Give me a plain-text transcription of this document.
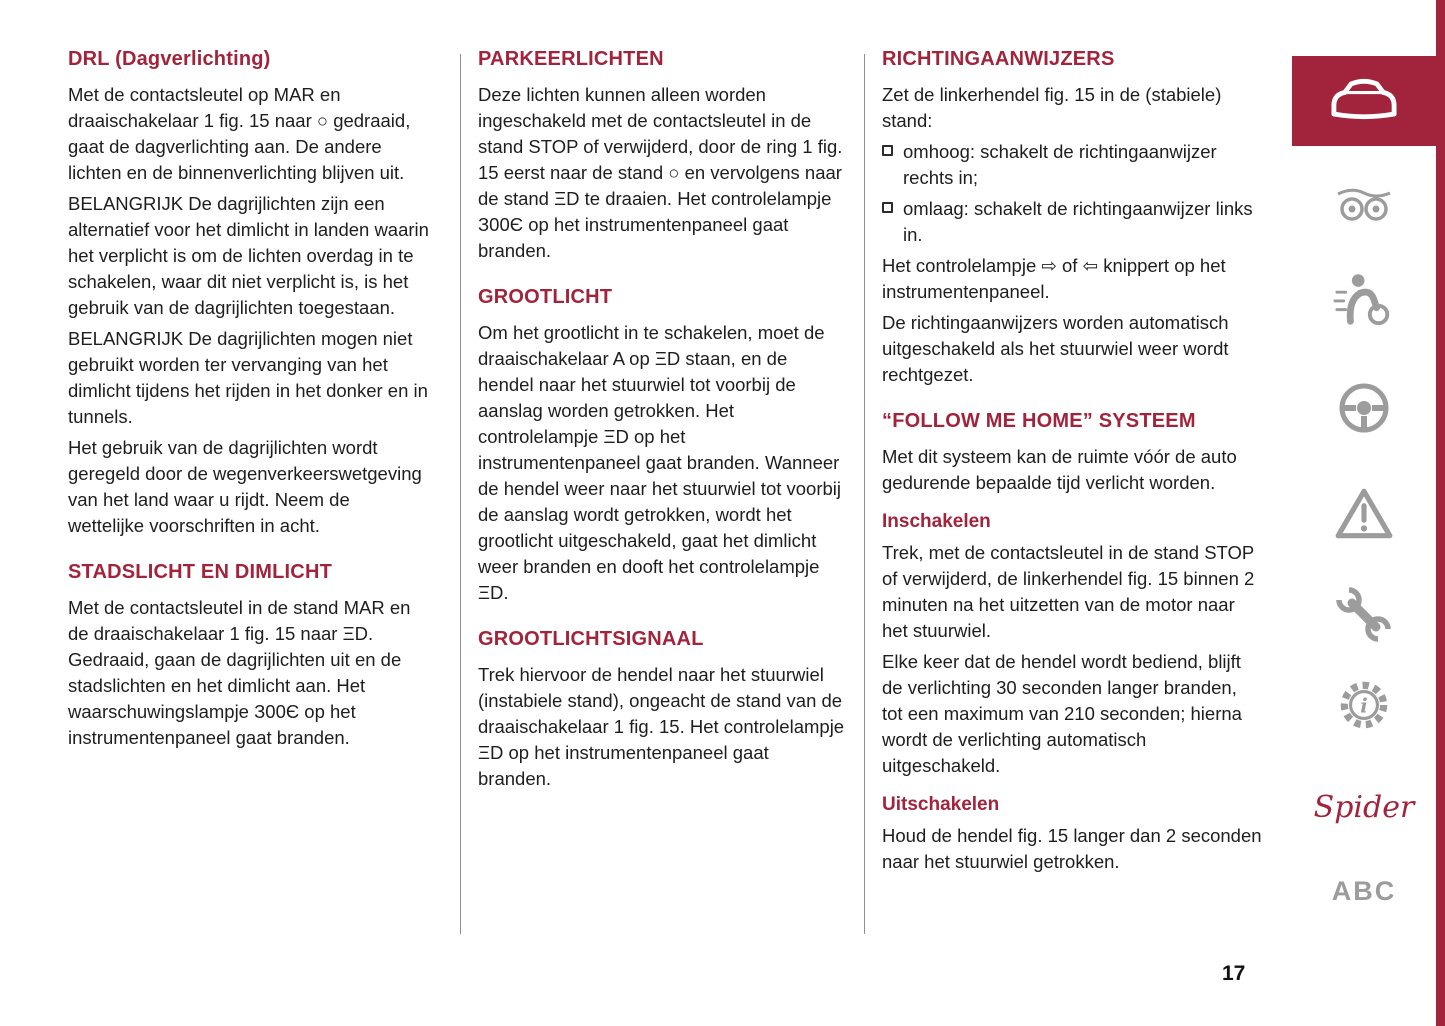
DRL (Dagverlichting)

Met de contactsleutel op MAR en draaischakelaar 1 fig. 15 naar ○ gedraaid, gaat de dagverlichting aan. De andere lichten en de binnenverlichting blijven uit.

BELANGRIJK De dagrijlichten zijn een alternatief voor het dimlicht in landen waarin het verplicht is om de lichten overdag in te schakelen, waar dit niet verplicht is, is het gebruik van de dagrijlichten toegestaan.

BELANGRIJK De dagrijlichten mogen niet gebruikt worden ter vervanging van het dimlicht tijdens het rijden in het donker en in tunnels.

Het gebruik van de dagrijlichten wordt geregeld door de wegenverkeerswetgeving van het land waar u rijdt. Neem de wettelijke voorschriften in acht.

STADSLICHT EN DIMLICHT

Met de contactsleutel in de stand MAR en de draaischakelaar 1 fig. 15 naar ΞD. Gedraaid, gaan de dagrijlichten uit en de stadslichten en het dimlicht aan. Het waarschuwingslampje З00Є op het instrumentenpaneel gaat branden.

PARKEERLICHTEN

Deze lichten kunnen alleen worden ingeschakeld met de contactsleutel in de stand STOP of verwijderd, door de ring 1 fig. 15 eerst naar de stand ○ en vervolgens naar de stand ΞD te draaien. Het controlelampje З00Є op het instrumentenpaneel gaat branden.

GROOTLICHT

Om het grootlicht in te schakelen, moet de draaischakelaar A op ΞD staan, en de hendel naar het stuurwiel tot voorbij de aanslag worden getrokken. Het controlelampje ΞD op het instrumentenpaneel gaat branden. Wanneer de hendel weer naar het stuurwiel tot voorbij de aanslag wordt getrokken, wordt het grootlicht uitgeschakeld, gaat het dimlicht weer branden en dooft het controlelampje ΞD.

GROOTLICHTSIGNAAL

Trek hiervoor de hendel naar het stuurwiel (instabiele stand), ongeacht de stand van de draaischakelaar 1 fig. 15. Het controlelampje ΞD op het instrumentenpaneel gaat branden.

RICHTINGAANWIJZERS

Zet de linkerhendel fig. 15 in de (stabiele) stand:

omhoog: schakelt de richtingaanwijzer rechts in;

omlaag: schakelt de richtingaanwijzer links in.

Het controlelampje ⇨ of ⇦ knippert op het instrumentenpaneel.

De richtingaanwijzers worden automatisch uitgeschakeld als het stuurwiel weer wordt rechtgezet.

“FOLLOW ME HOME” SYSTEEM

Met dit systeem kan de ruimte vóór de auto gedurende bepaalde tijd verlicht worden.

Inschakelen

Trek, met de contactsleutel in de stand STOP of verwijderd, de linkerhendel fig. 15 binnen 2 minuten na het uitzetten van de motor naar het stuurwiel.

Elke keer dat de hendel wordt bediend, blijft de verlichting 30 seconden langer branden, tot een maximum van 210 seconden; hierna wordt de verlichting automatisch uitgeschakeld.

Uitschakelen

Houd de hendel fig. 15 langer dan 2 seconden naar het stuurwiel getrokken.

i
Spider
ABC
17
